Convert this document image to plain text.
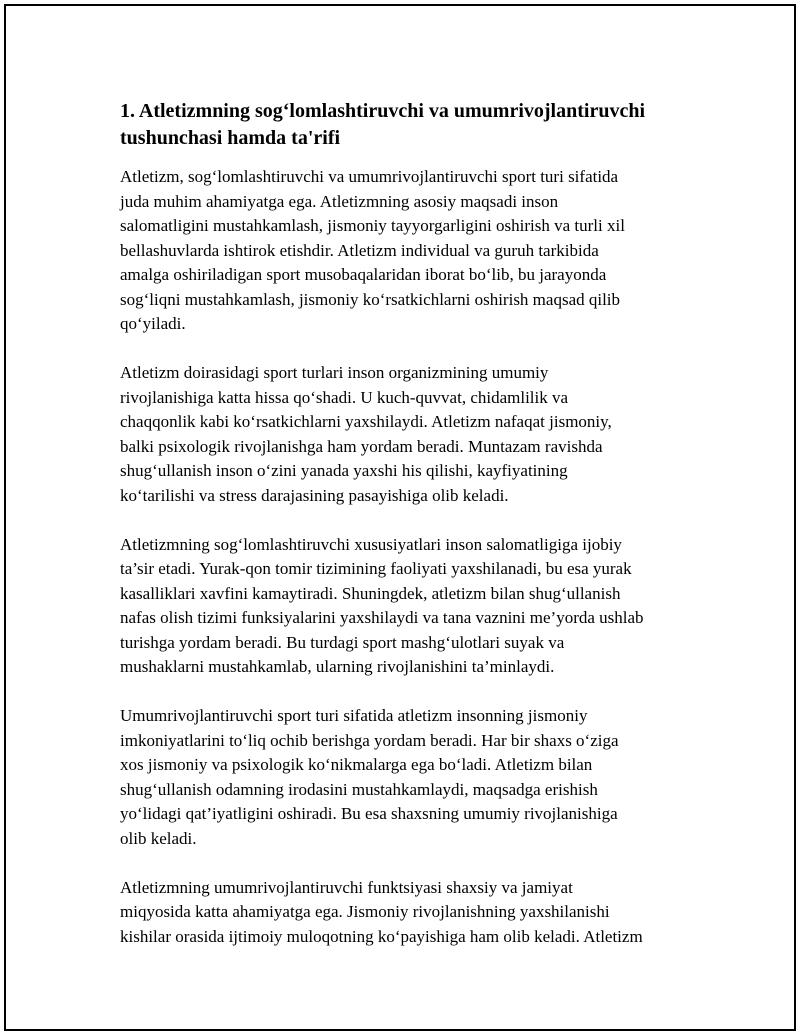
1. Atletizmning sog‘lomlashtiruvchi va umumrivojlantiruvchi
tushunchasi hamda ta'rifi

Atletizm, sog‘lomlashtiruvchi va umumrivojlantiruvchi sport turi sifatida
juda muhim ahamiyatga ega. Atletizmning asosiy maqsadi inson
salomatligini mustahkamlash, jismoniy tayyorgarligini oshirish va turli xil
bellashuvlarda ishtirok etishdir. Atletizm individual va guruh tarkibida
amalga oshiriladigan sport musobaqalaridan iborat bo‘lib, bu jarayonda
sog‘liqni mustahkamlash, jismoniy ko‘rsatkichlarni oshirish maqsad qilib
qo‘yiladi.

Atletizm doirasidagi sport turlari inson organizmining umumiy
rivojlanishiga katta hissa qo‘shadi. U kuch-quvvat, chidamlilik va
chaqqonlik kabi ko‘rsatkichlarni yaxshilaydi. Atletizm nafaqat jismoniy,
balki psixologik rivojlanishga ham yordam beradi. Muntazam ravishda
shug‘ullanish inson o‘zini yanada yaxshi his qilishi, kayfiyatining
ko‘tarilishi va stress darajasining pasayishiga olib keladi.

Atletizmning sog‘lomlashtiruvchi xususiyatlari inson salomatligiga ijobiy
ta’sir etadi. Yurak-qon tomir tizimining faoliyati yaxshilanadi, bu esa yurak
kasalliklari xavfini kamaytiradi. Shuningdek, atletizm bilan shug‘ullanish
nafas olish tizimi funksiyalarini yaxshilaydi va tana vaznini me’yorda ushlab
turishga yordam beradi. Bu turdagi sport mashg‘ulotlari suyak va
mushaklarni mustahkamlab, ularning rivojlanishini ta’minlaydi.

Umumrivojlantiruvchi sport turi sifatida atletizm insonning jismoniy
imkoniyatlarini to‘liq ochib berishga yordam beradi. Har bir shaxs o‘ziga
xos jismoniy va psixologik ko‘nikmalarga ega bo‘ladi. Atletizm bilan
shug‘ullanish odamning irodasini mustahkamlaydi, maqsadga erishish
yo‘lidagi qat’iyatligini oshiradi. Bu esa shaxsning umumiy rivojlanishiga
olib keladi.

Atletizmning umumrivojlantiruvchi funktsiyasi shaxsiy va jamiyat
miqyosida katta ahamiyatga ega. Jismoniy rivojlanishning yaxshilanishi
kishilar orasida ijtimoiy muloqotning ko‘payishiga ham olib keladi. Atletizm
